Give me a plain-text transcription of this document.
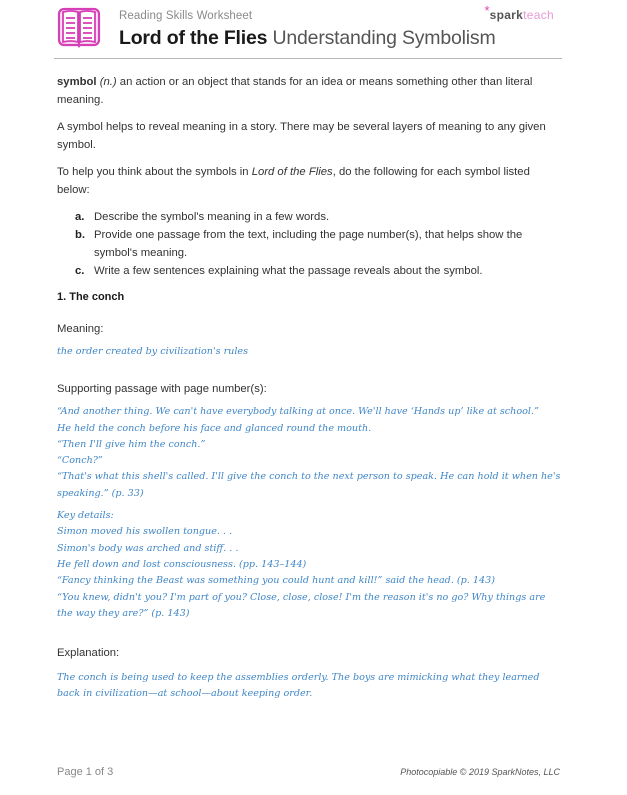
Reading Skills Worksheet
Lord of the Flies Understanding Symbolism
*sparkteach

symbol (n.) an action or an object that stands for an idea or means something other than literal meaning.

A symbol helps to reveal meaning in a story. There may be several layers of meaning to any given symbol.

To help you think about the symbols in Lord of the Flies, do the following for each symbol listed below:

a. Describe the symbol's meaning in a few words.
b. Provide one passage from the text, including the page number(s), that helps show the symbol's meaning.
c. Write a few sentences explaining what the passage reveals about the symbol.
1. The conch
Meaning:
the order created by civilization's rules
Supporting passage with page number(s):
“And another thing. We can't have everybody talking at once. We'll have ‘Hands up’ like at school.”
He held the conch before his face and glanced round the mouth.
“Then I'll give him the conch.”
“Conch?”
“That's what this shell's called. I'll give the conch to the next person to speak. He can hold it when he's speaking.” (p. 33)
Key details:
Simon moved his swollen tongue. . .
Simon's body was arched and stiff. . .
He fell down and lost consciousness. (pp. 143–144)
“Fancy thinking the Beast was something you could hunt and kill!” said the head. (p. 143)
“You knew, didn't you? I'm part of you? Close, close, close! I'm the reason it's no go? Why things are the way they are?” (p. 143)
Explanation:
The conch is being used to keep the assemblies orderly. The boys are mimicking what they learned back in civilization—at school—about keeping order.
Page 1 of 3	Photocopiable © 2019 SparkNotes, LLC
